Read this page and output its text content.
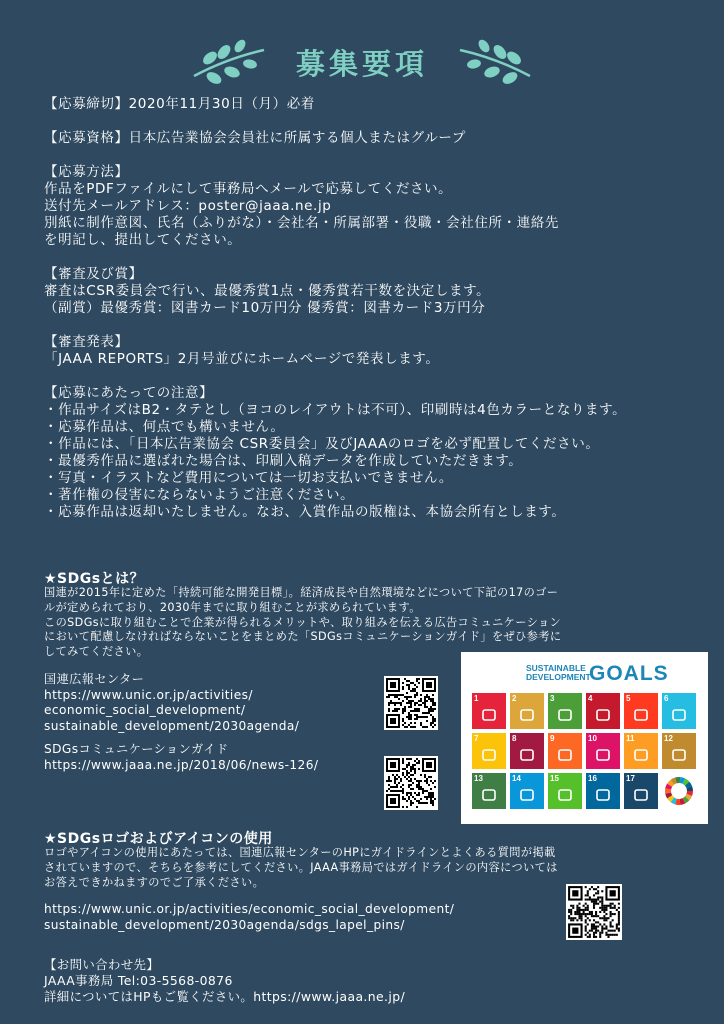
募集要項

【応募締切】2020年11月30日（月）必着

【応募資格】日本広告業協会会員社に所属する個人またはグループ

【応募方法】

作品をPDFファイルにして事務局へメールで応募してください。

送付先メールアドレス：poster@jaaa.ne.jp

別紙に制作意図、氏名（ふりがな）・会社名・所属部署・役職・会社住所・連絡先

を明記し、提出してください。

【審査及び賞】

審査はCSR委員会で行い、最優秀賞1点・優秀賞若干数を決定します。

（副賞）最優秀賞：図書カード10万円分 優秀賞：図書カード3万円分

【審査発表】

「JAAA REPORTS」2月号並びにホームページで発表します。

【応募にあたっての注意】

・作品サイズはB2・タテとし（ヨコのレイアウトは不可）、印刷時は4色カラーとなります。
・応募作品は、何点でも構いません。
・作品には、「日本広告業協会 CSR委員会」及びJAAAのロゴを必ず配置してください。
・最優秀作品に選ばれた場合は、印刷入稿データを作成していただきます。
・写真・イラストなど費用については一切お支払いできません。
・著作権の侵害にならないようご注意ください。
・応募作品は返却いたしません。なお、入賞作品の版権は、本協会所有とします。
★SDGsとは？
国連が2015年に定めた「持続可能な開発目標」。経済成長や自然環境などについて下記の17のゴー
ルが定められており、2030年までに取り組むことが求められています。
このSDGsに取り組むことで企業が得られるメリットや、取り組みを伝える広告コミュニケーション
において配慮しなければならないことをまとめた「SDGsコミュニケーションガイド」をぜひ参考に
してみてください。
国連広報センター
https://www.unic.or.jp/activities/
economic_social_development/
sustainable_development/2030agenda/
SDGsコミュニケーションガイド
https://www.jaaa.ne.jp/2018/06/news-126/
SUSTAINABLE
DEVELOPMENT
GOALS
1	2	3	4	5	6
7	8	9	10	11	12
13	14	15	16	17
★SDGsロゴおよびアイコンの使用
ロゴやアイコンの使用にあたっては、国連広報センターのHPにガイドラインとよくある質問が掲載
されていますので、そちらを参考にしてください。JAAA事務局ではガイドラインの内容については
お答えできかねますのでご了承ください。
https://www.unic.or.jp/activities/economic_social_development/
sustainable_development/2030agenda/sdgs_lapel_pins/
【お問い合わせ先】
JAAA事務局 Tel:03-5568-0876
詳細についてはHPもご覧ください。https://www.jaaa.ne.jp/
